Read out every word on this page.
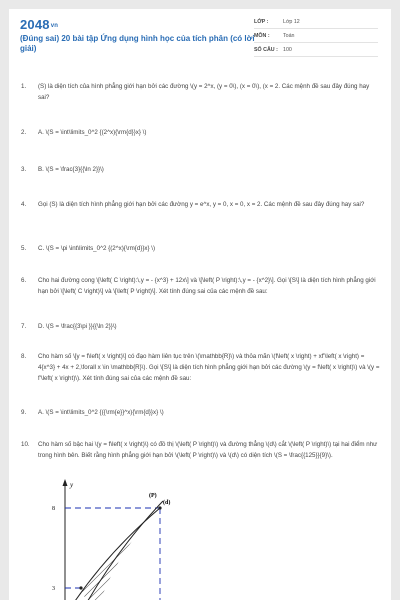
2048vn
(Đúng sai) 20 bài tập Ứng dụng hình học của tích phân (có lời giải)
LỚP :	Lớp 12
MÔN :	Toán
SỐ CÂU : 100
1. (S) là diện tích của hình phẳng giới hạn bởi các đường \(y = 2^x, (y = 0\), (x = 0\), (x = 2. Các mệnh đề sau đây đúng hay sai?
2. A. \(S = \int\limits_0^2 {(2^x){\rm{d}}x} \)
3. B. \(S = \frac{3}{{\ln 2}}\)
4. Gọi (S) là diện tích hình phẳng giới hạn bởi các đường y = e^x, y = 0, x = 0, x = 2. Các mệnh đề sau đây đúng hay sai?
5. C. \(S = \pi \int\limits_0^2 {(2^x){\rm{d}}x} \)
6. Cho hai đường cong \[\left( C \right):\,y = - {x^3} + 12x\] và \[\left( P \right):\,y = - {x^2}\]. Gọi \[S\] là diện tích hình phẳng giới hạn bởi \[\left( C \right)\] và \[\left( P \right)\]. Xét tính đúng sai của các mệnh đề sau:
7. D. \(S = \frac{{3\pi }}{{\ln 2}}\)
8. Cho hàm số \[y = f\left( x \right)\] có đạo hàm liên tục trên \(\mathbb{R}\) và thỏa mãn \(f\left( x \right) + xf'\left( x \right) = 4{x^3} + 4x + 2,\forall x \in \mathbb{R}\). Gọi \[S\] là diện tích hình phẳng giới hạn bởi các đường \(y = f\left( x \right)\) và \(y = f'\left( x \right)\). Xét tính đúng sai của các mệnh đề sau:
9. A. \(S = \int\limits_0^2 {({\rm{e}}^x){\rm{d}}x} \)
10. Cho hàm số bậc hai \(y = f\left( x \right)\) có đồ thị \(\left( P \right)\) và đường thẳng \(d\) cắt \(\left( P \right)\) tại hai điểm như trong hình bên. Biết rằng hình phẳng giới hạn bởi \(\left( P \right)\) và \(d\) có diện tích \(S = \frac{{125}}{9}\).
y
8
3
(P)
(d)
